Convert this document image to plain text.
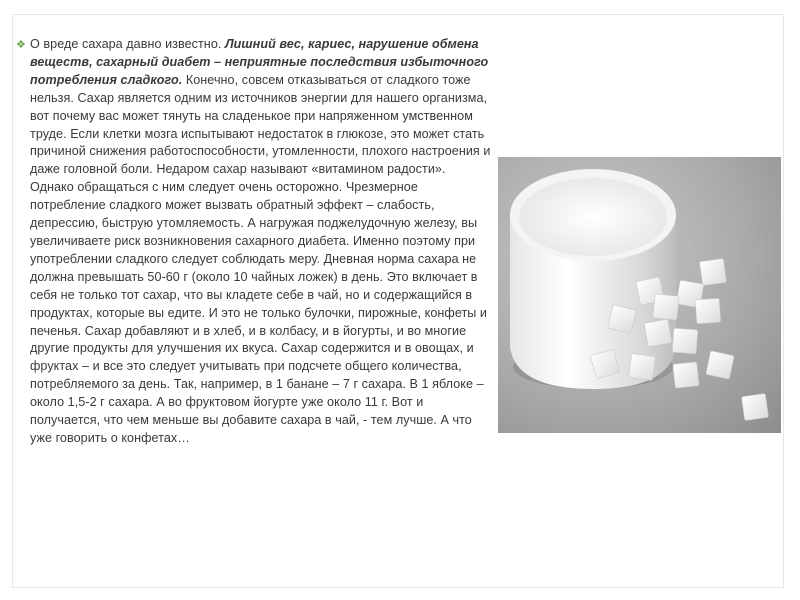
❖ О вреде сахара давно известно. Лишний вес, кариес, нарушение обмена веществ, сахарный диабет – неприятные последствия избыточного потребления сладкого. Конечно, совсем отказываться от сладкого тоже нельзя. Сахар является одним из источников энергии для нашего организма, вот почему вас может тянуть на сладенькое при напряженном умственном труде. Если клетки мозга испытывают недостаток в глюкозе, это может стать причиной снижения работоспособности, утомленности, плохого настроения и даже головной боли. Недаром сахар называют «витамином радости». Однако обращаться с ним следует очень осторожно. Чрезмерное потребление сладкого может вызвать обратный эффект – слабость, депрессию, быструю утомляемость. А нагружая поджелудочную железу, вы увеличиваете риск возникновения сахарного диабета. Именно поэтому при употреблении сладкого следует соблюдать меру. Дневная норма сахара не должна превышать 50-60 г (около 10 чайных ложек) в день. Это включает в себя не только тот сахар, что вы кладете себе в чай, но и содержащийся в продуктах, которые вы едите. И это не только булочки, пирожные, конфеты и печенья. Сахар добавляют и в хлеб, и в колбасу, и в йогурты, и во многие другие продукты для улучшения их вкуса. Сахар содержится и в овощах, и фруктах – и все это следует учитывать при подсчете общего количества, потребляемого за день. Так, например, в 1 банане – 7 г сахара. В 1 яблоке – около 1,5-2 г сахара. А во фруктовом йогурте уже около 11 г. Вот и получается, что чем меньше вы добавите сахара в чай, - тем лучше. А что уже говорить о конфетах…
